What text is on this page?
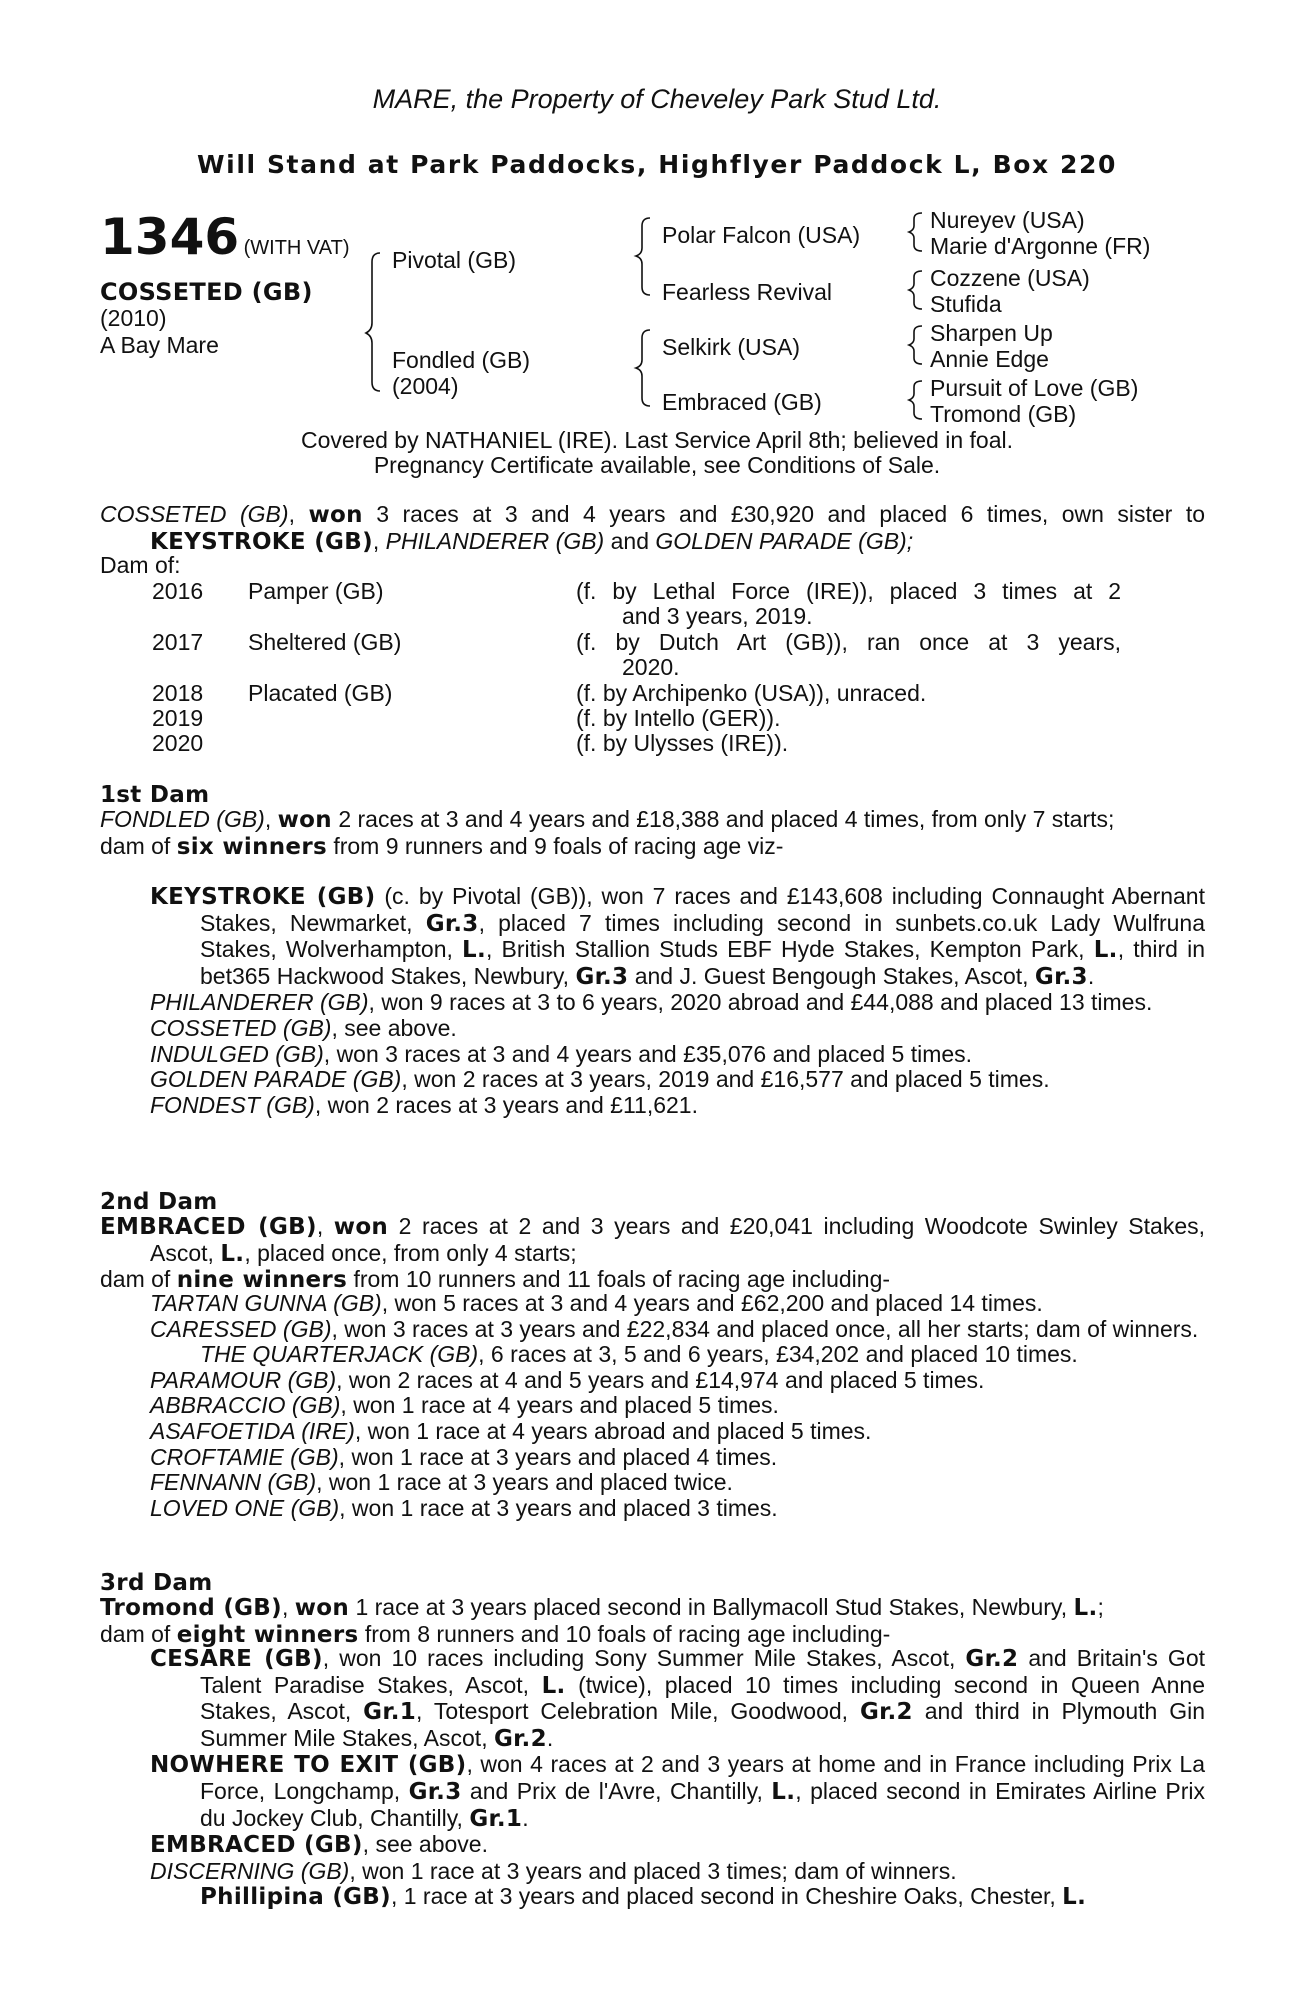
MARE, the Property of Cheveley Park Stud Ltd.
Will Stand at Park Paddocks, Highflyer Paddock L, Box 220
1346 (WITH VAT)
COSSETED (GB)
(2010)
A Bay Mare
Pivotal (GB)
Fondled (GB)
(2004)
Polar Falcon (USA)
Fearless Revival
Selkirk (USA)
Embraced (GB)
Nureyev (USA)
Marie d'Argonne (FR)
Cozzene (USA)
Stufida
Sharpen Up
Annie Edge
Pursuit of Love (GB)
Tromond (GB)
Covered by NATHANIEL (IRE). Last Service April 8th; believed in foal.
Pregnancy Certificate available, see Conditions of Sale.
COSSETED (GB), won 3 races at 3 and 4 years and £30,920 and placed 6 times, own sister to KEYSTROKE (GB), PHILANDERER (GB) and GOLDEN PARADE (GB);
Dam of:
2016 Pamper (GB)	(f. by Lethal Force (IRE)), placed 3 times at 2
and 3 years, 2019.
2017 Sheltered (GB)	(f. by Dutch Art (GB)), ran once at 3 years,
2020.
2018 Placated (GB)	(f. by Archipenko (USA)), unraced.
2019	(f. by Intello (GER)).
2020	(f. by Ulysses (IRE)).
1st Dam
FONDLED (GB), won 2 races at 3 and 4 years and £18,388 and placed 4 times, from only 7 starts;
dam of six winners from 9 runners and 9 foals of racing age viz-
KEYSTROKE (GB) (c. by Pivotal (GB)), won 7 races and £143,608 including Connaught Abernant Stakes, Newmarket, Gr.3, placed 7 times including second in sunbets.co.uk Lady Wulfruna Stakes, Wolverhampton, L., British Stallion Studs EBF Hyde Stakes, Kempton Park, L., third in bet365 Hackwood Stakes, Newbury, Gr.3 and J. Guest Bengough Stakes, Ascot, Gr.3.
PHILANDERER (GB), won 9 races at 3 to 6 years, 2020 abroad and £44,088 and placed 13 times.
COSSETED (GB), see above.
INDULGED (GB), won 3 races at 3 and 4 years and £35,076 and placed 5 times.
GOLDEN PARADE (GB), won 2 races at 3 years, 2019 and £16,577 and placed 5 times.
FONDEST (GB), won 2 races at 3 years and £11,621.
2nd Dam
EMBRACED (GB), won 2 races at 2 and 3 years and £20,041 including Woodcote Swinley Stakes, Ascot, L., placed once, from only 4 starts;
dam of nine winners from 10 runners and 11 foals of racing age including-
TARTAN GUNNA (GB), won 5 races at 3 and 4 years and £62,200 and placed 14 times.
CARESSED (GB), won 3 races at 3 years and £22,834 and placed once, all her starts; dam of winners.
THE QUARTERJACK (GB), 6 races at 3, 5 and 6 years, £34,202 and placed 10 times.
PARAMOUR (GB), won 2 races at 4 and 5 years and £14,974 and placed 5 times.
ABBRACCIO (GB), won 1 race at 4 years and placed 5 times.
ASAFOETIDA (IRE), won 1 race at 4 years abroad and placed 5 times.
CROFTAMIE (GB), won 1 race at 3 years and placed 4 times.
FENNANN (GB), won 1 race at 3 years and placed twice.
LOVED ONE (GB), won 1 race at 3 years and placed 3 times.
3rd Dam
Tromond (GB), won 1 race at 3 years placed second in Ballymacoll Stud Stakes, Newbury, L.;
dam of eight winners from 8 runners and 10 foals of racing age including-
CESARE (GB), won 10 races including Sony Summer Mile Stakes, Ascot, Gr.2 and Britain's Got Talent Paradise Stakes, Ascot, L. (twice), placed 10 times including second in Queen Anne Stakes, Ascot, Gr.1, Totesport Celebration Mile, Goodwood, Gr.2 and third in Plymouth Gin Summer Mile Stakes, Ascot, Gr.2.
NOWHERE TO EXIT (GB), won 4 races at 2 and 3 years at home and in France including Prix La Force, Longchamp, Gr.3 and Prix de l'Avre, Chantilly, L., placed second in Emirates Airline Prix du Jockey Club, Chantilly, Gr.1.
EMBRACED (GB), see above.
DISCERNING (GB), won 1 race at 3 years and placed 3 times; dam of winners.
Phillipina (GB), 1 race at 3 years and placed second in Cheshire Oaks, Chester, L.
